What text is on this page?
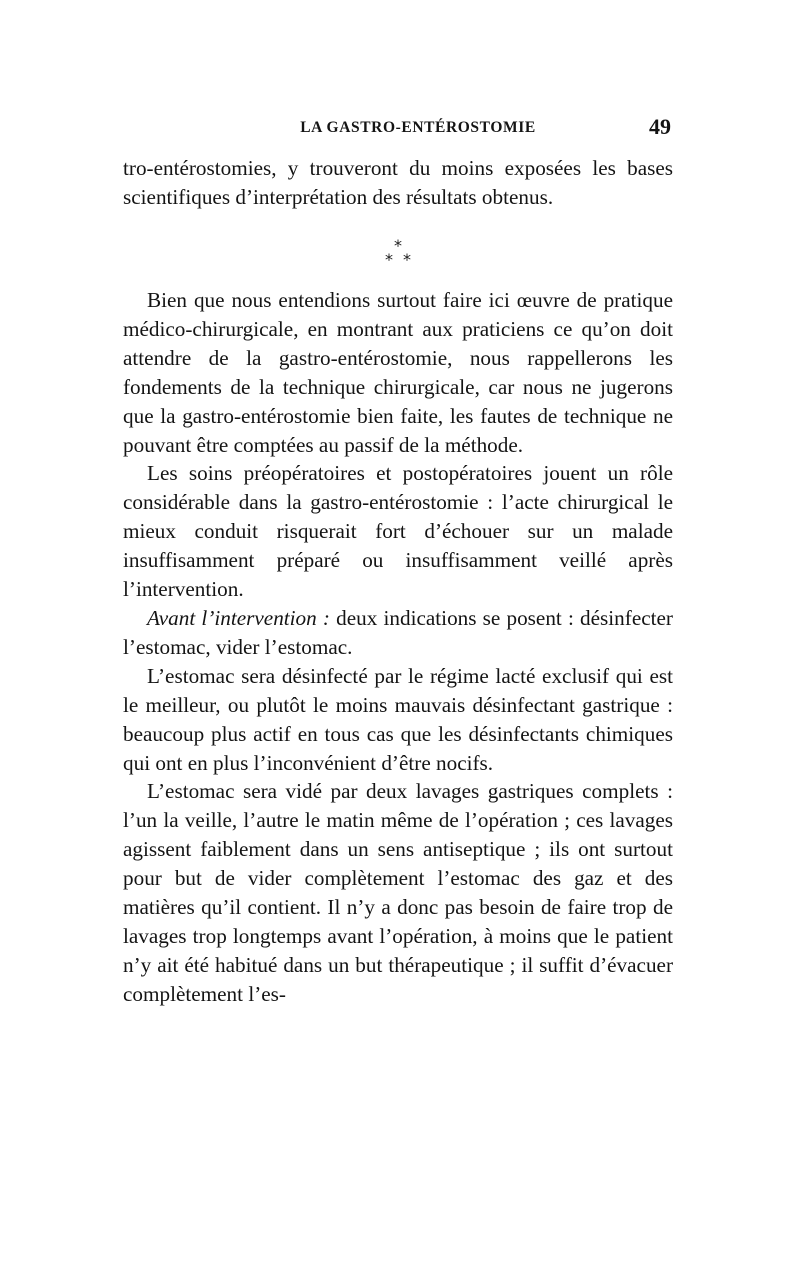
LA GASTRO-ENTÉROSTOMIE	49

tro-entérostomies, y trouveront du moins exposées les bases scientifiques d’interprétation des résultats obtenus.

*
* *

Bien que nous entendions surtout faire ici œuvre de pratique médico-chirurgicale, en montrant aux praticiens ce qu’on doit attendre de la gastro-entérostomie, nous rappellerons les fondements de la technique chirurgicale, car nous ne jugerons que la gastro-entérostomie bien faite, les fautes de technique ne pouvant être comptées au passif de la méthode.

Les soins préopératoires et postopératoires jouent un rôle considérable dans la gastro-entérostomie : l’acte chirurgical le mieux conduit risquerait fort d’échouer sur un malade insuffisamment préparé ou insuffisamment veillé après l’intervention.

Avant l’intervention : deux indications se posent : désinfecter l’estomac, vider l’estomac.

L’estomac sera désinfecté par le régime lacté exclusif qui est le meilleur, ou plutôt le moins mauvais désinfectant gastrique : beaucoup plus actif en tous cas que les désinfectants chimiques qui ont en plus l’inconvénient d’être nocifs.

L’estomac sera vidé par deux lavages gastriques complets : l’un la veille, l’autre le matin même de l’opération ; ces lavages agissent faiblement dans un sens antiseptique ; ils ont surtout pour but de vider complètement l’estomac des gaz et des matières qu’il contient. Il n’y a donc pas besoin de faire trop de lavages trop longtemps avant l’opération, à moins que le patient n’y ait été habitué dans un but thérapeutique ; il suffit d’évacuer complètement l’es-
